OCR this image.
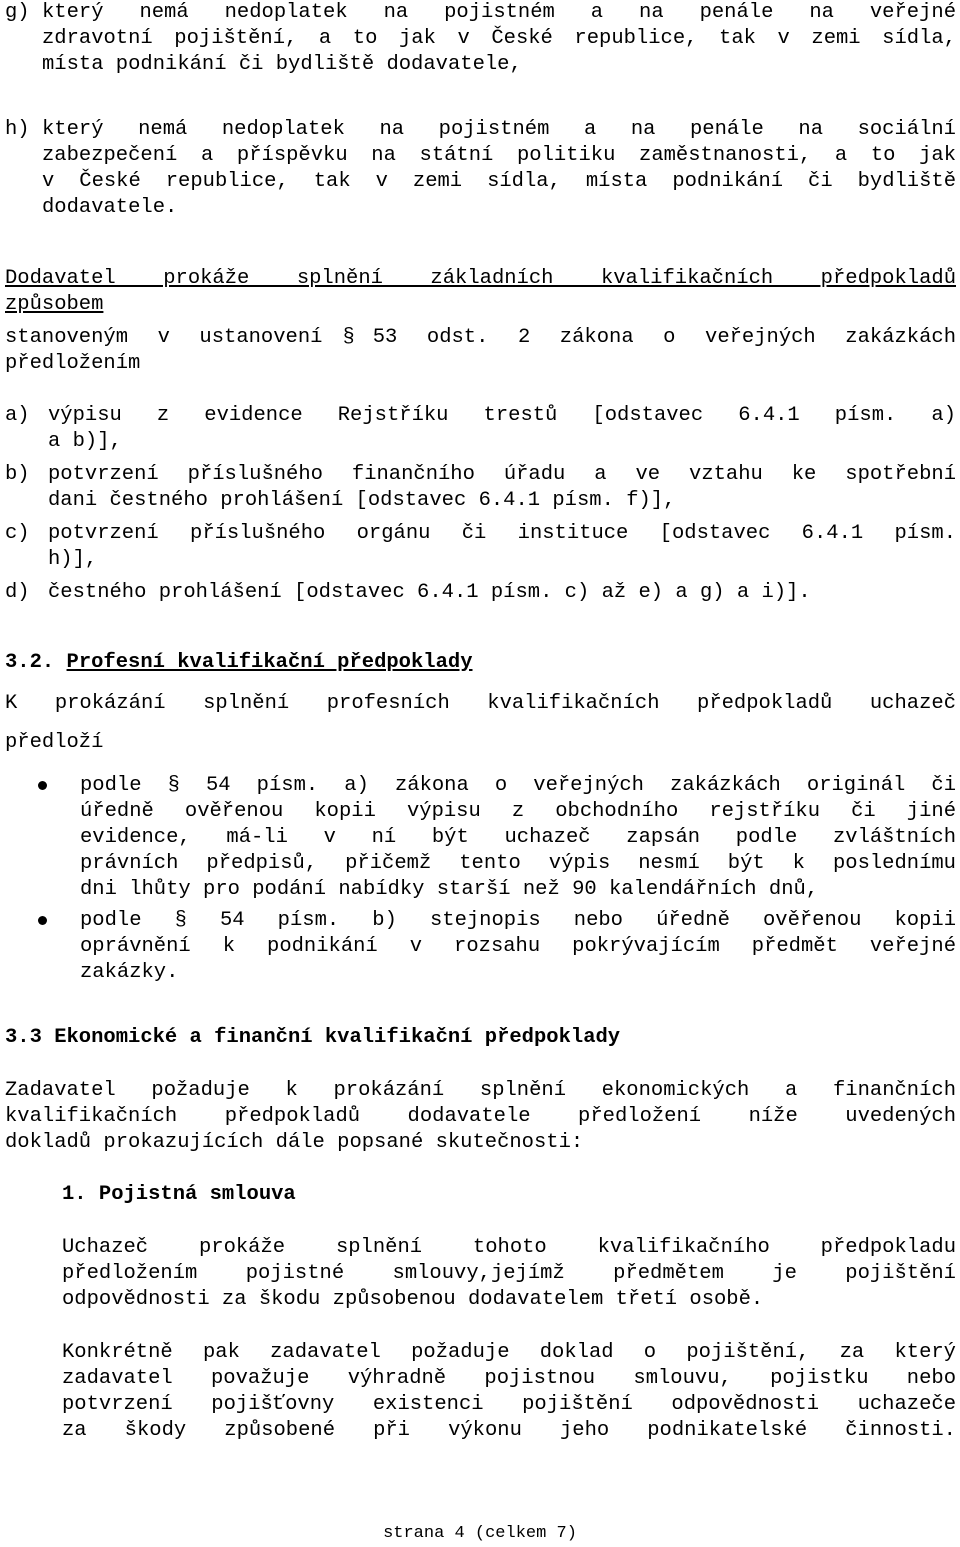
g) který nemá nedoplatek na pojistném a na penále na veřejné
zdravotní pojištění, a to jak v České republice, tak v zemi sídla,
místa podnikání či bydliště dodavatele,
h) který nemá nedoplatek na pojistném a na penále na sociální
zabezpečení a příspěvku na státní politiku zaměstnanosti, a to jak
v České republice, tak v zemi sídla, místa podnikání či bydliště
dodavatele.
Dodavatel prokáže splnění základních kvalifikačních předpokladů
způsobem
stanoveným v ustanovení § 53 odst. 2 zákona o veřejných zakázkách
předložením
a) výpisu z evidence Rejstříku trestů [odstavec 6.4.1 písm. a)
a b)],
b) potvrzení příslušného finančního úřadu a ve vztahu ke spotřební
dani čestného prohlášení [odstavec 6.4.1 písm. f)],
c) potvrzení příslušného orgánu či instituce [odstavec 6.4.1 písm.
h)],
d) čestného prohlášení [odstavec 6.4.1 písm. c) až e) a g) a i)].
3.2. Profesní kvalifikační předpoklady
K prokázání splnění profesních kvalifikačních předpokladů uchazeč
předloží
podle § 54 písm. a) zákona o veřejných zakázkách originál či
úředně ověřenou kopii výpisu z obchodního rejstříku či jiné
evidence, má-li v ní být uchazeč zapsán podle zvláštních
právních předpisů, přičemž tento výpis nesmí být k poslednímu
dni lhůty pro podání nabídky starší než 90 kalendářních dnů,
podle § 54 písm. b) stejnopis nebo úředně ověřenou kopii
oprávnění k podnikání v rozsahu pokrývajícím předmět veřejné
zakázky.
3.3 Ekonomické a finanční kvalifikační předpoklady
Zadavatel požaduje k prokázání splnění ekonomických a finančních
kvalifikačních předpokladů dodavatele předložení níže uvedených
dokladů prokazujících dále popsané skutečnosti:
1. Pojistná smlouva
Uchazeč prokáže splnění tohoto kvalifikačního předpokladu
předložením pojistné smlouvy,jejímž předmětem je pojištění
odpovědnosti za škodu způsobenou dodavatelem třetí osobě.
Konkrétně pak zadavatel požaduje doklad o pojištění, za který
zadavatel považuje výhradně pojistnou smlouvu, pojistku nebo
potvrzení pojišťovny existenci pojištění odpovědnosti uchazeče
za škody způsobené při výkonu jeho podnikatelské činnosti.
strana 4 (celkem 7)
